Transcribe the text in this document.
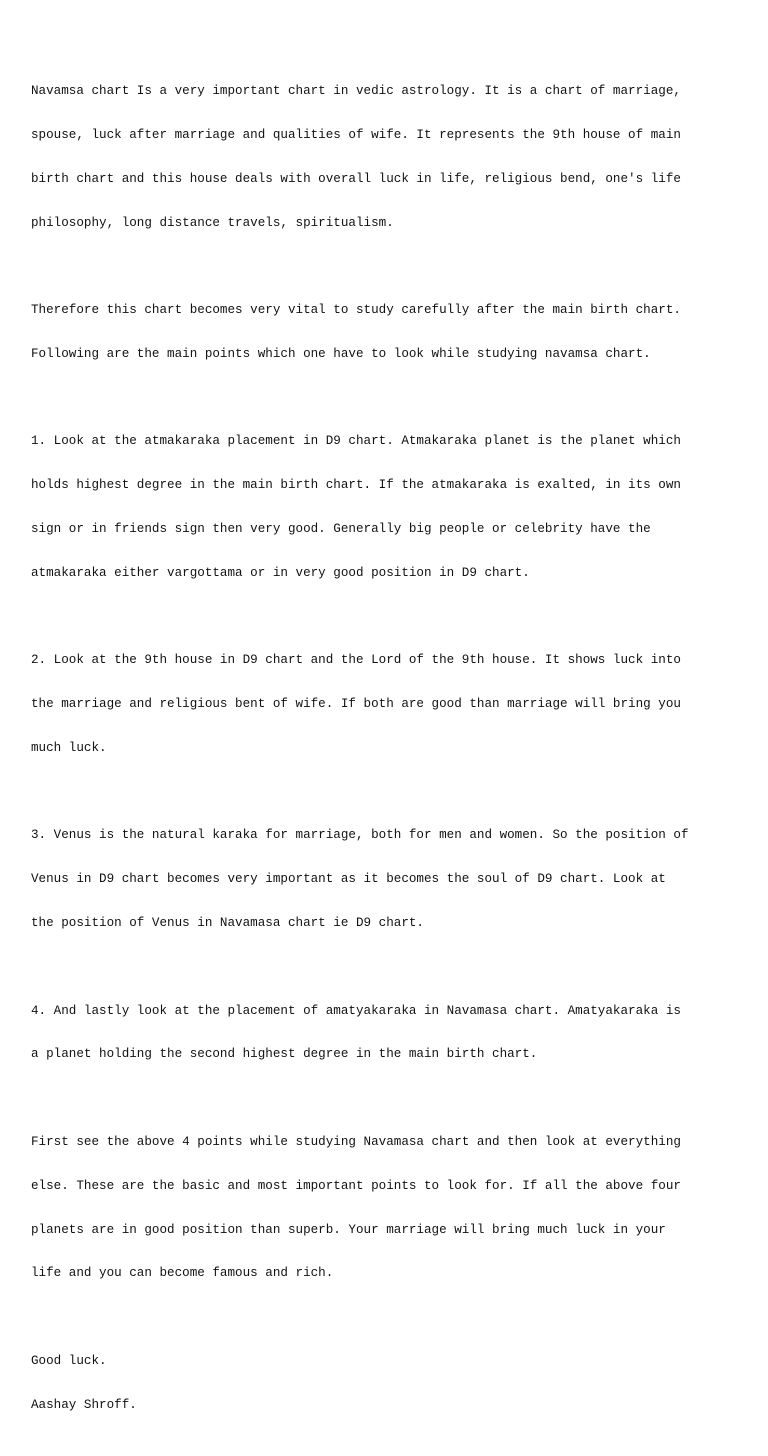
Navamsa chart Is a very important chart in vedic astrology. It is a chart of marriage,

spouse, luck after marriage and qualities of wife. It represents the 9th house of main

birth chart and this house deals with overall luck in life, religious bend, one's life

philosophy, long distance travels, spiritualism.

Therefore this chart becomes very vital to study carefully after the main birth chart.

Following are the main points which one have to look while studying navamsa chart.

1. Look at the atmakaraka placement in D9 chart. Atmakaraka planet is the planet which

holds highest degree in the main birth chart. If the atmakaraka is exalted, in its own

sign or in friends sign then very good. Generally big people or celebrity have the

atmakaraka either vargottama or in very good position in D9 chart.

2. Look at the 9th house in D9 chart and the Lord of the 9th house. It shows luck into

the marriage and religious bent of wife. If both are good than marriage will bring you

much luck.

3. Venus is the natural karaka for marriage, both for men and women. So the position of

Venus in D9 chart becomes very important as it becomes the soul of D9 chart. Look at

the position of Venus in Navamasa chart ie D9 chart.

4. And lastly look at the placement of amatyakaraka in Navamasa chart. Amatyakaraka is

a planet holding the second highest degree in the main birth chart.

First see the above 4 points while studying Navamasa chart and then look at everything

else. These are the basic and most important points to look for. If all the above four

planets are in good position than superb. Your marriage will bring much luck in your

life and you can become famous and rich.

Good luck.

Aashay Shroff.
